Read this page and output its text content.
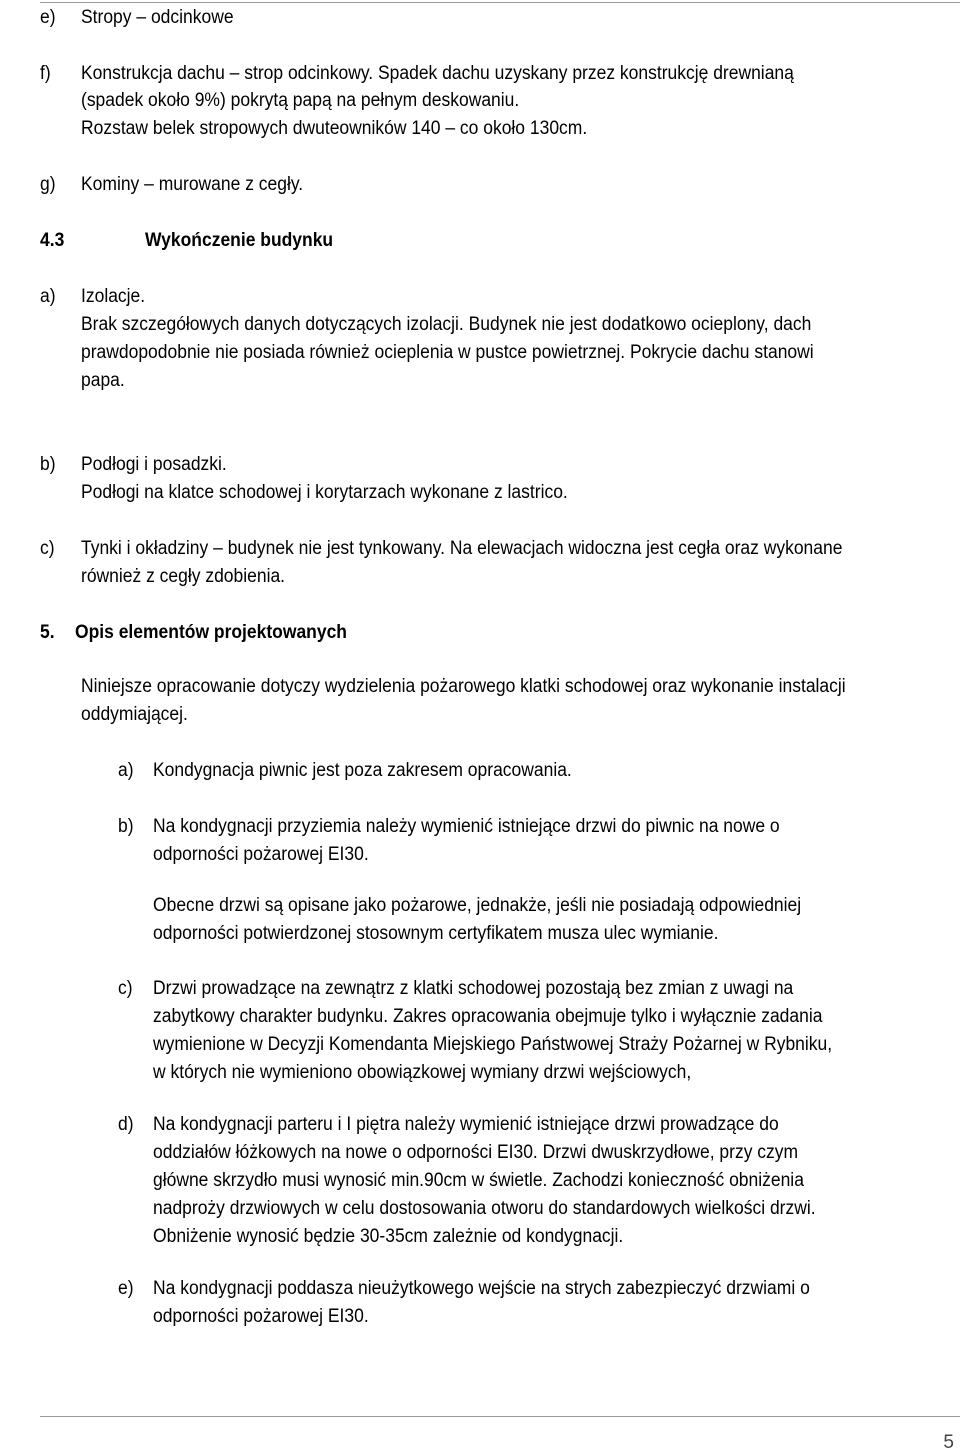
e) Stropy – odcinkowe
f) Konstrukcja dachu – strop odcinkowy. Spadek dachu uzyskany przez konstrukcję drewnianą
(spadek około 9%) pokrytą papą na pełnym deskowaniu.
Rozstaw belek stropowych dwuteowników 140 – co około 130cm.
g) Kominy – murowane z cegły.
4.3	Wykończenie budynku
a) Izolacje.
Brak szczegółowych danych dotyczących izolacji. Budynek nie jest dodatkowo ocieplony, dach
prawdopodobnie nie posiada również ocieplenia w pustce powietrznej. Pokrycie dachu stanowi
papa.
b) Podłogi i posadzki.
Podłogi na klatce schodowej i korytarzach wykonane z lastrico.
c) Tynki i okładziny – budynek nie jest tynkowany. Na elewacjach widoczna jest cegła oraz wykonane
również z cegły zdobienia.
5. Opis elementów projektowanych
Niniejsze opracowanie dotyczy wydzielenia pożarowego klatki schodowej oraz wykonanie instalacji
oddymiającej.
a) Kondygnacja piwnic jest poza zakresem opracowania.
b) Na kondygnacji przyziemia należy wymienić istniejące drzwi do piwnic na nowe o
odporności pożarowej EI30.
Obecne drzwi są opisane jako pożarowe, jednakże, jeśli nie posiadają odpowiedniej
odporności potwierdzonej stosownym certyfikatem musza ulec wymianie.
c) Drzwi prowadzące na zewnątrz z klatki schodowej pozostają bez zmian z uwagi na
zabytkowy charakter budynku. Zakres opracowania obejmuje tylko i wyłącznie zadania
wymienione w Decyzji Komendanta Miejskiego Państwowej Straży Pożarnej w Rybniku,
w których nie wymieniono obowiązkowej wymiany drzwi wejściowych,
d) Na kondygnacji parteru i I piętra należy wymienić istniejące drzwi prowadzące do
oddziałów łóżkowych na nowe o odporności EI30. Drzwi dwuskrzydłowe, przy czym
główne skrzydło musi wynosić min.90cm w świetle. Zachodzi konieczność obniżenia
nadproży drzwiowych w celu dostosowania otworu do standardowych wielkości drzwi.
Obniżenie wynosić będzie 30-35cm zależnie od kondygnacji.
e) Na kondygnacji poddasza nieużytkowego wejście na strych zabezpieczyć drzwiami o
odporności pożarowej EI30.
5
